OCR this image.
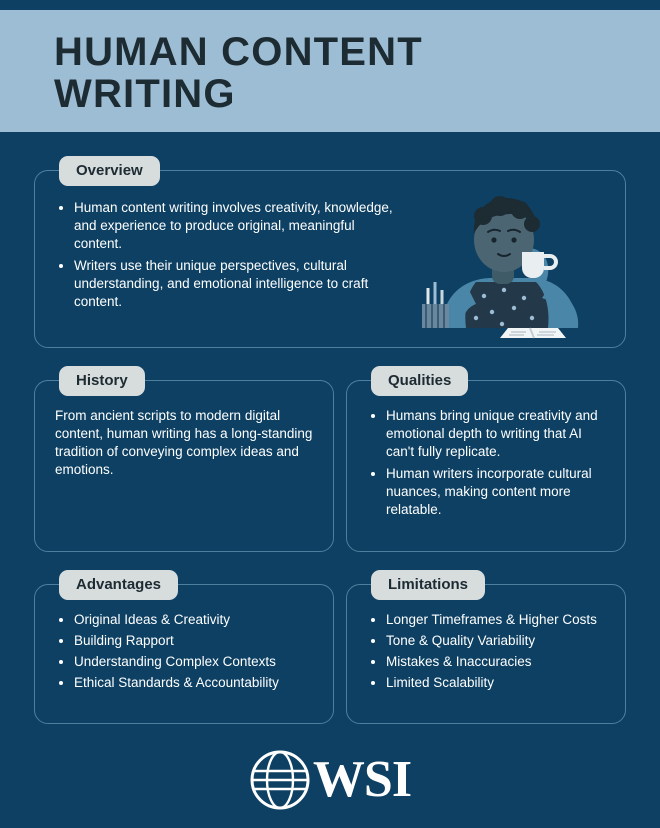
HUMAN CONTENT WRITING
Overview
• Human content writing involves creativity, knowledge, and experience to produce original, meaningful content.
• Writers use their unique perspectives, cultural understanding, and emotional intelligence to craft content.
History

From ancient scripts to modern digital content, human writing has a long-standing tradition of conveying complex ideas and emotions.

Qualities
• Humans bring unique creativity and emotional depth to writing that AI can't fully replicate.
• Human writers incorporate cultural nuances, making content more relatable.
Advantages
• Original Ideas & Creativity
• Building Rapport
• Understanding Complex Contexts
• Ethical Standards & Accountability
Limitations
• Longer Timeframes & Higher Costs
• Tone & Quality Variability
• Mistakes & Inaccuracies
• Limited Scalability
WSI
